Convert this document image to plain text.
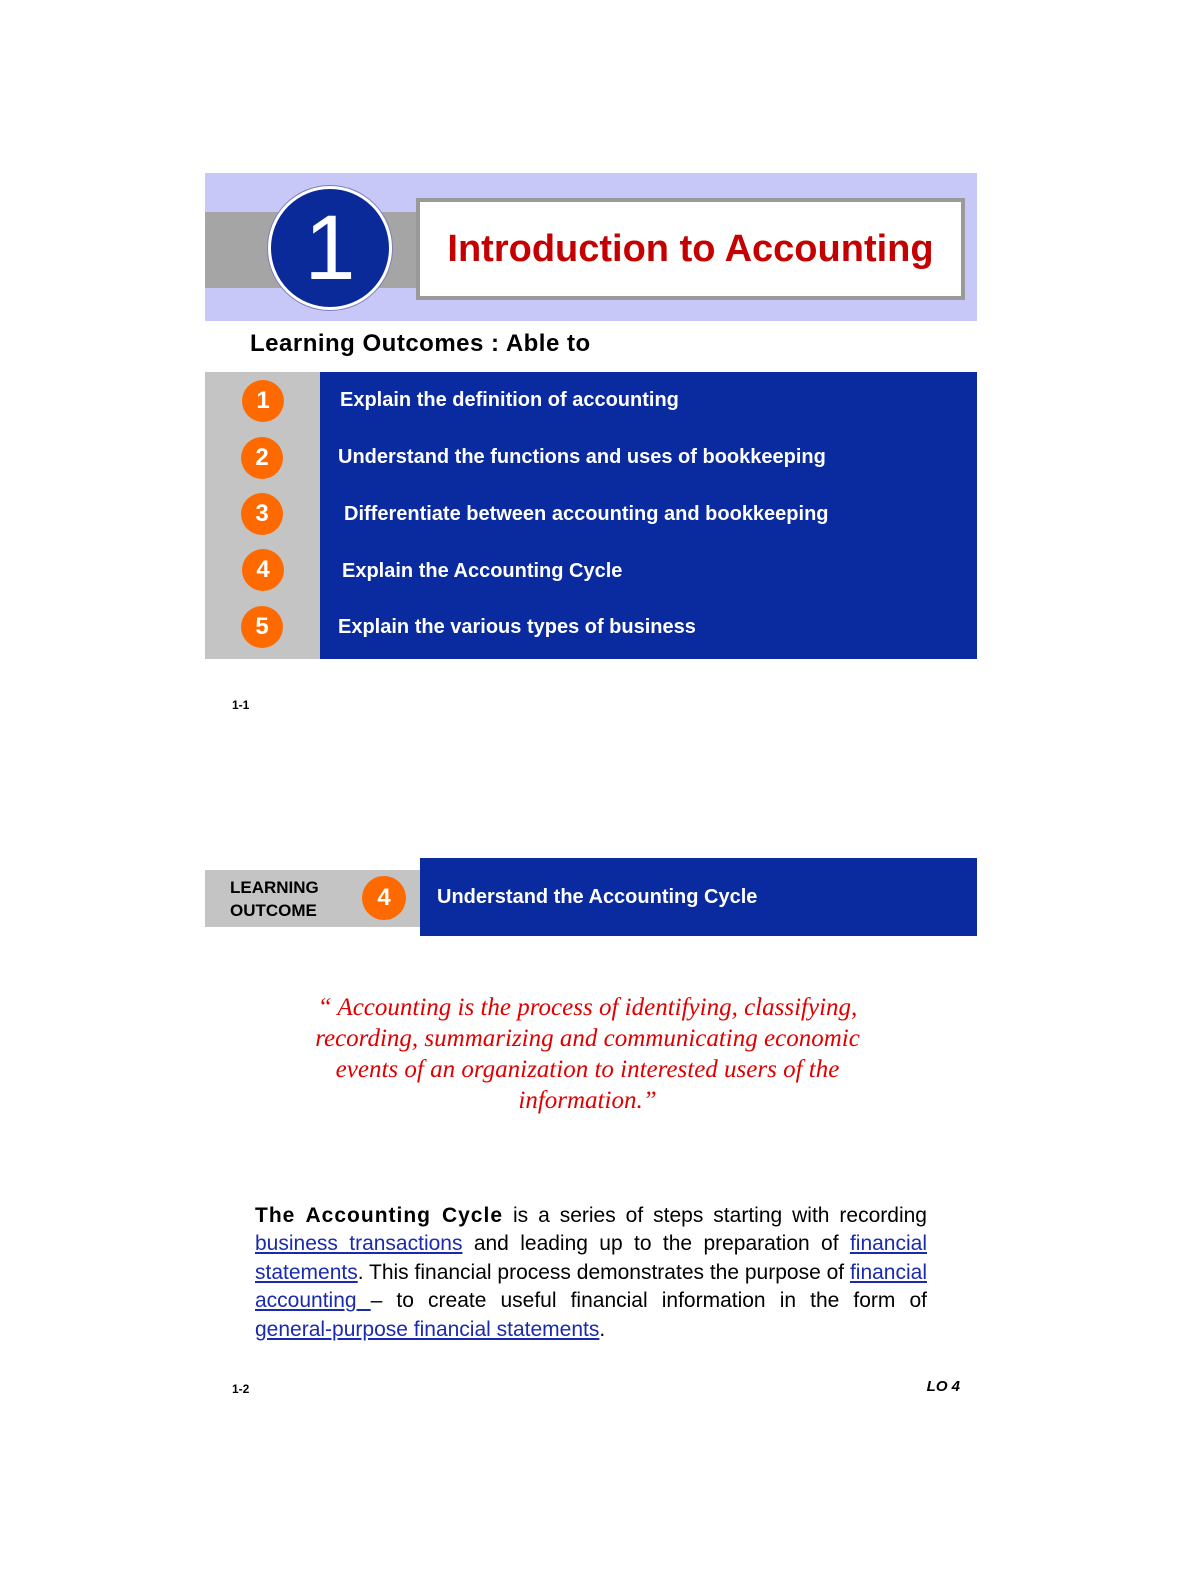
1	Introduction to Accounting
Learning Outcomes : Able to
1	Explain the definition of accounting
2	Understand the functions and uses of bookkeeping
3	Differentiate between accounting and bookkeeping
4	Explain the Accounting Cycle
5	Explain the various types of business
1-1
LEARNING
OUTCOME	4	Understand the Accounting Cycle
“ Accounting is the process of identifying, classifying, recording, summarizing and communicating economic events of an organization to interested users of the information.”
The Accounting Cycle is a series of steps starting with recording business transactions and leading up to the preparation of financial statements. This financial process demonstrates the purpose of financial accounting – to create useful financial information in the form of general-purpose financial statements.
1-2	LO 4
